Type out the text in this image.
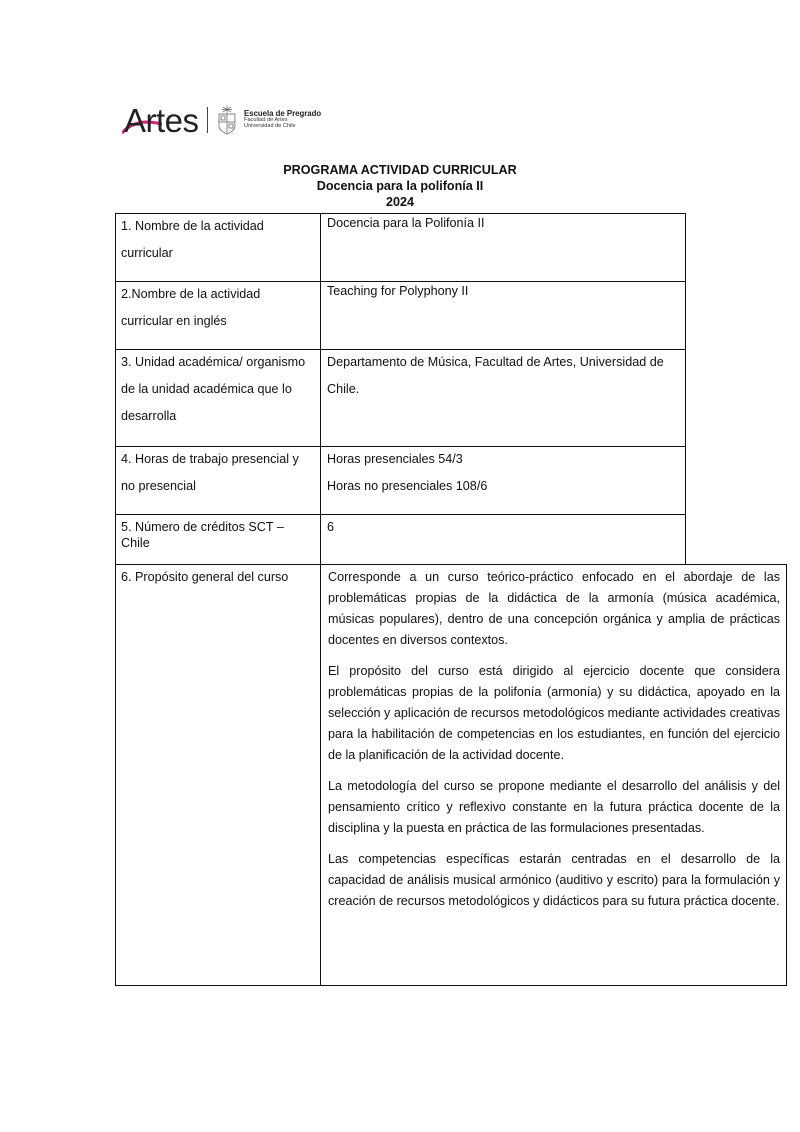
Artes	Escuela de Pregrado
Facultad de Artes
Universidad de Chile
PROGRAMA ACTIVIDAD CURRICULAR
Docencia para la polifonía II
2024
1. Nombre de la actividad curricular
Docencia para la Polifonía II
2.Nombre de la actividad curricular en inglés
Teaching for Polyphony II
3. Unidad académica/ organismo de la unidad académica que lo desarrolla
Departamento de Música, Facultad de Artes, Universidad de Chile.
4. Horas de trabajo presencial y no presencial
Horas presenciales 54/3
Horas no presenciales 108/6
5. Número de créditos SCT – Chile
6
6. Propósito general del curso	Corresponde a un curso teórico-práctico enfocado en el abordaje de las problemáticas propias de la didáctica de la armonía (música académica, músicas populares), dentro de una concepción orgánica y amplia de prácticas docentes en diversos contextos.

El propósito del curso está dirigido al ejercicio docente que considera problemáticas propias de la polifonía (armonía) y su didáctica, apoyado en la selección y aplicación de recursos metodológicos mediante actividades creativas para la habilitación de competencias en los estudiantes, en función del ejercicio de la planificación de la actividad docente.

La metodología del curso se propone mediante el desarrollo del análisis y del pensamiento crítico y reflexivo constante en la futura práctica docente de la disciplina y la puesta en práctica de las formulaciones presentadas.

Las competencias específicas estarán centradas en el desarrollo de la capacidad de análisis musical armónico (auditivo y escrito) para la formulación y creación de recursos metodológicos y didácticos para su futura práctica docente.
